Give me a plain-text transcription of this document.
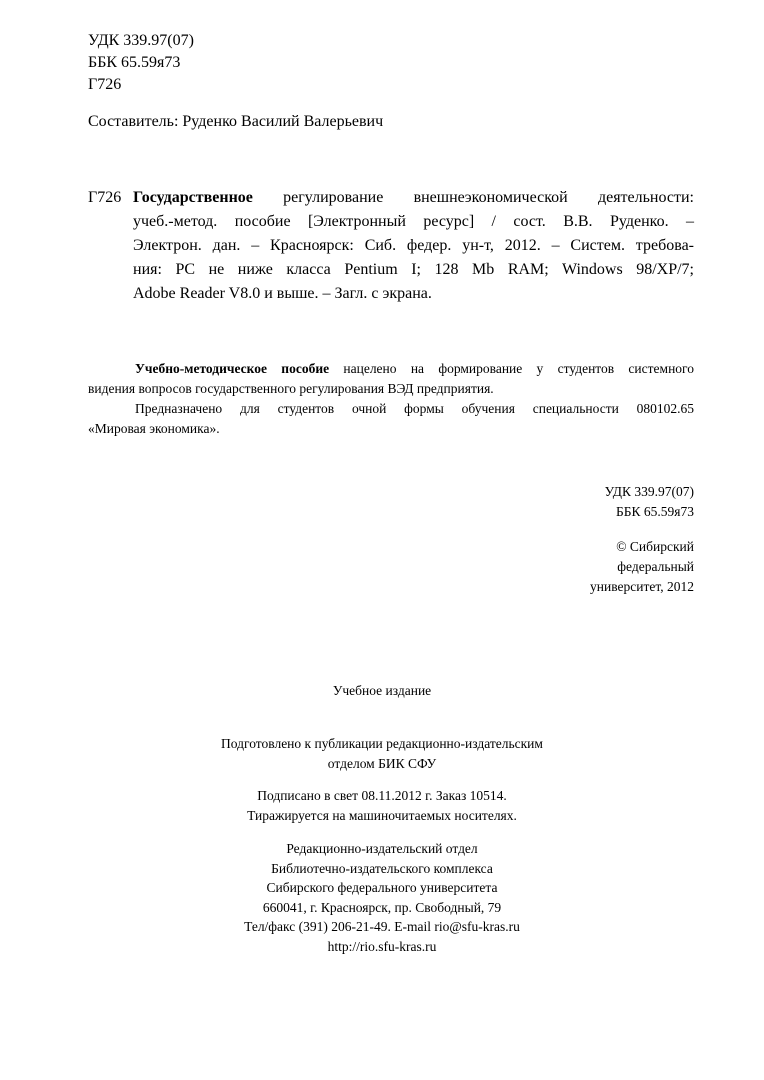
УДК 339.97(07)
ББК 65.59я73
Г726
Составитель: Руденко Василий Валерьевич
Г726 Государственное регулирование внешнеэкономической деятельности:
учеб.-метод. пособие [Электронный ресурс] / сост. В.В. Руденко. –
Электрон. дан. – Красноярск: Сиб. федер. ун-т, 2012. – Систем. требова-
ния: PC не ниже класса Pentium I; 128 Mb RAM; Windows 98/XP/7;
Adobe Reader V8.0 и выше. – Загл. с экрана.
Учебно-методическое пособие нацелено на формирование у студентов системного
видения вопросов государственного регулирования ВЭД предприятия.
Предназначено для студентов очной формы обучения специальности 080102.65
«Мировая экономика».
УДК 339.97(07)
ББК 65.59я73
© Сибирский
федеральный
университет, 2012
Учебное издание
Подготовлено к публикации редакционно-издательским
отделом БИК СФУ
Подписано в свет 08.11.2012 г. Заказ 10514.
Тиражируется на машиночитаемых носителях.
Редакционно-издательский отдел
Библиотечно-издательского комплекса
Сибирского федерального университета
660041, г. Красноярск, пр. Свободный, 79
Тел/факс (391) 206-21-49. E-mail rio@sfu-kras.ru
http://rio.sfu-kras.ru
